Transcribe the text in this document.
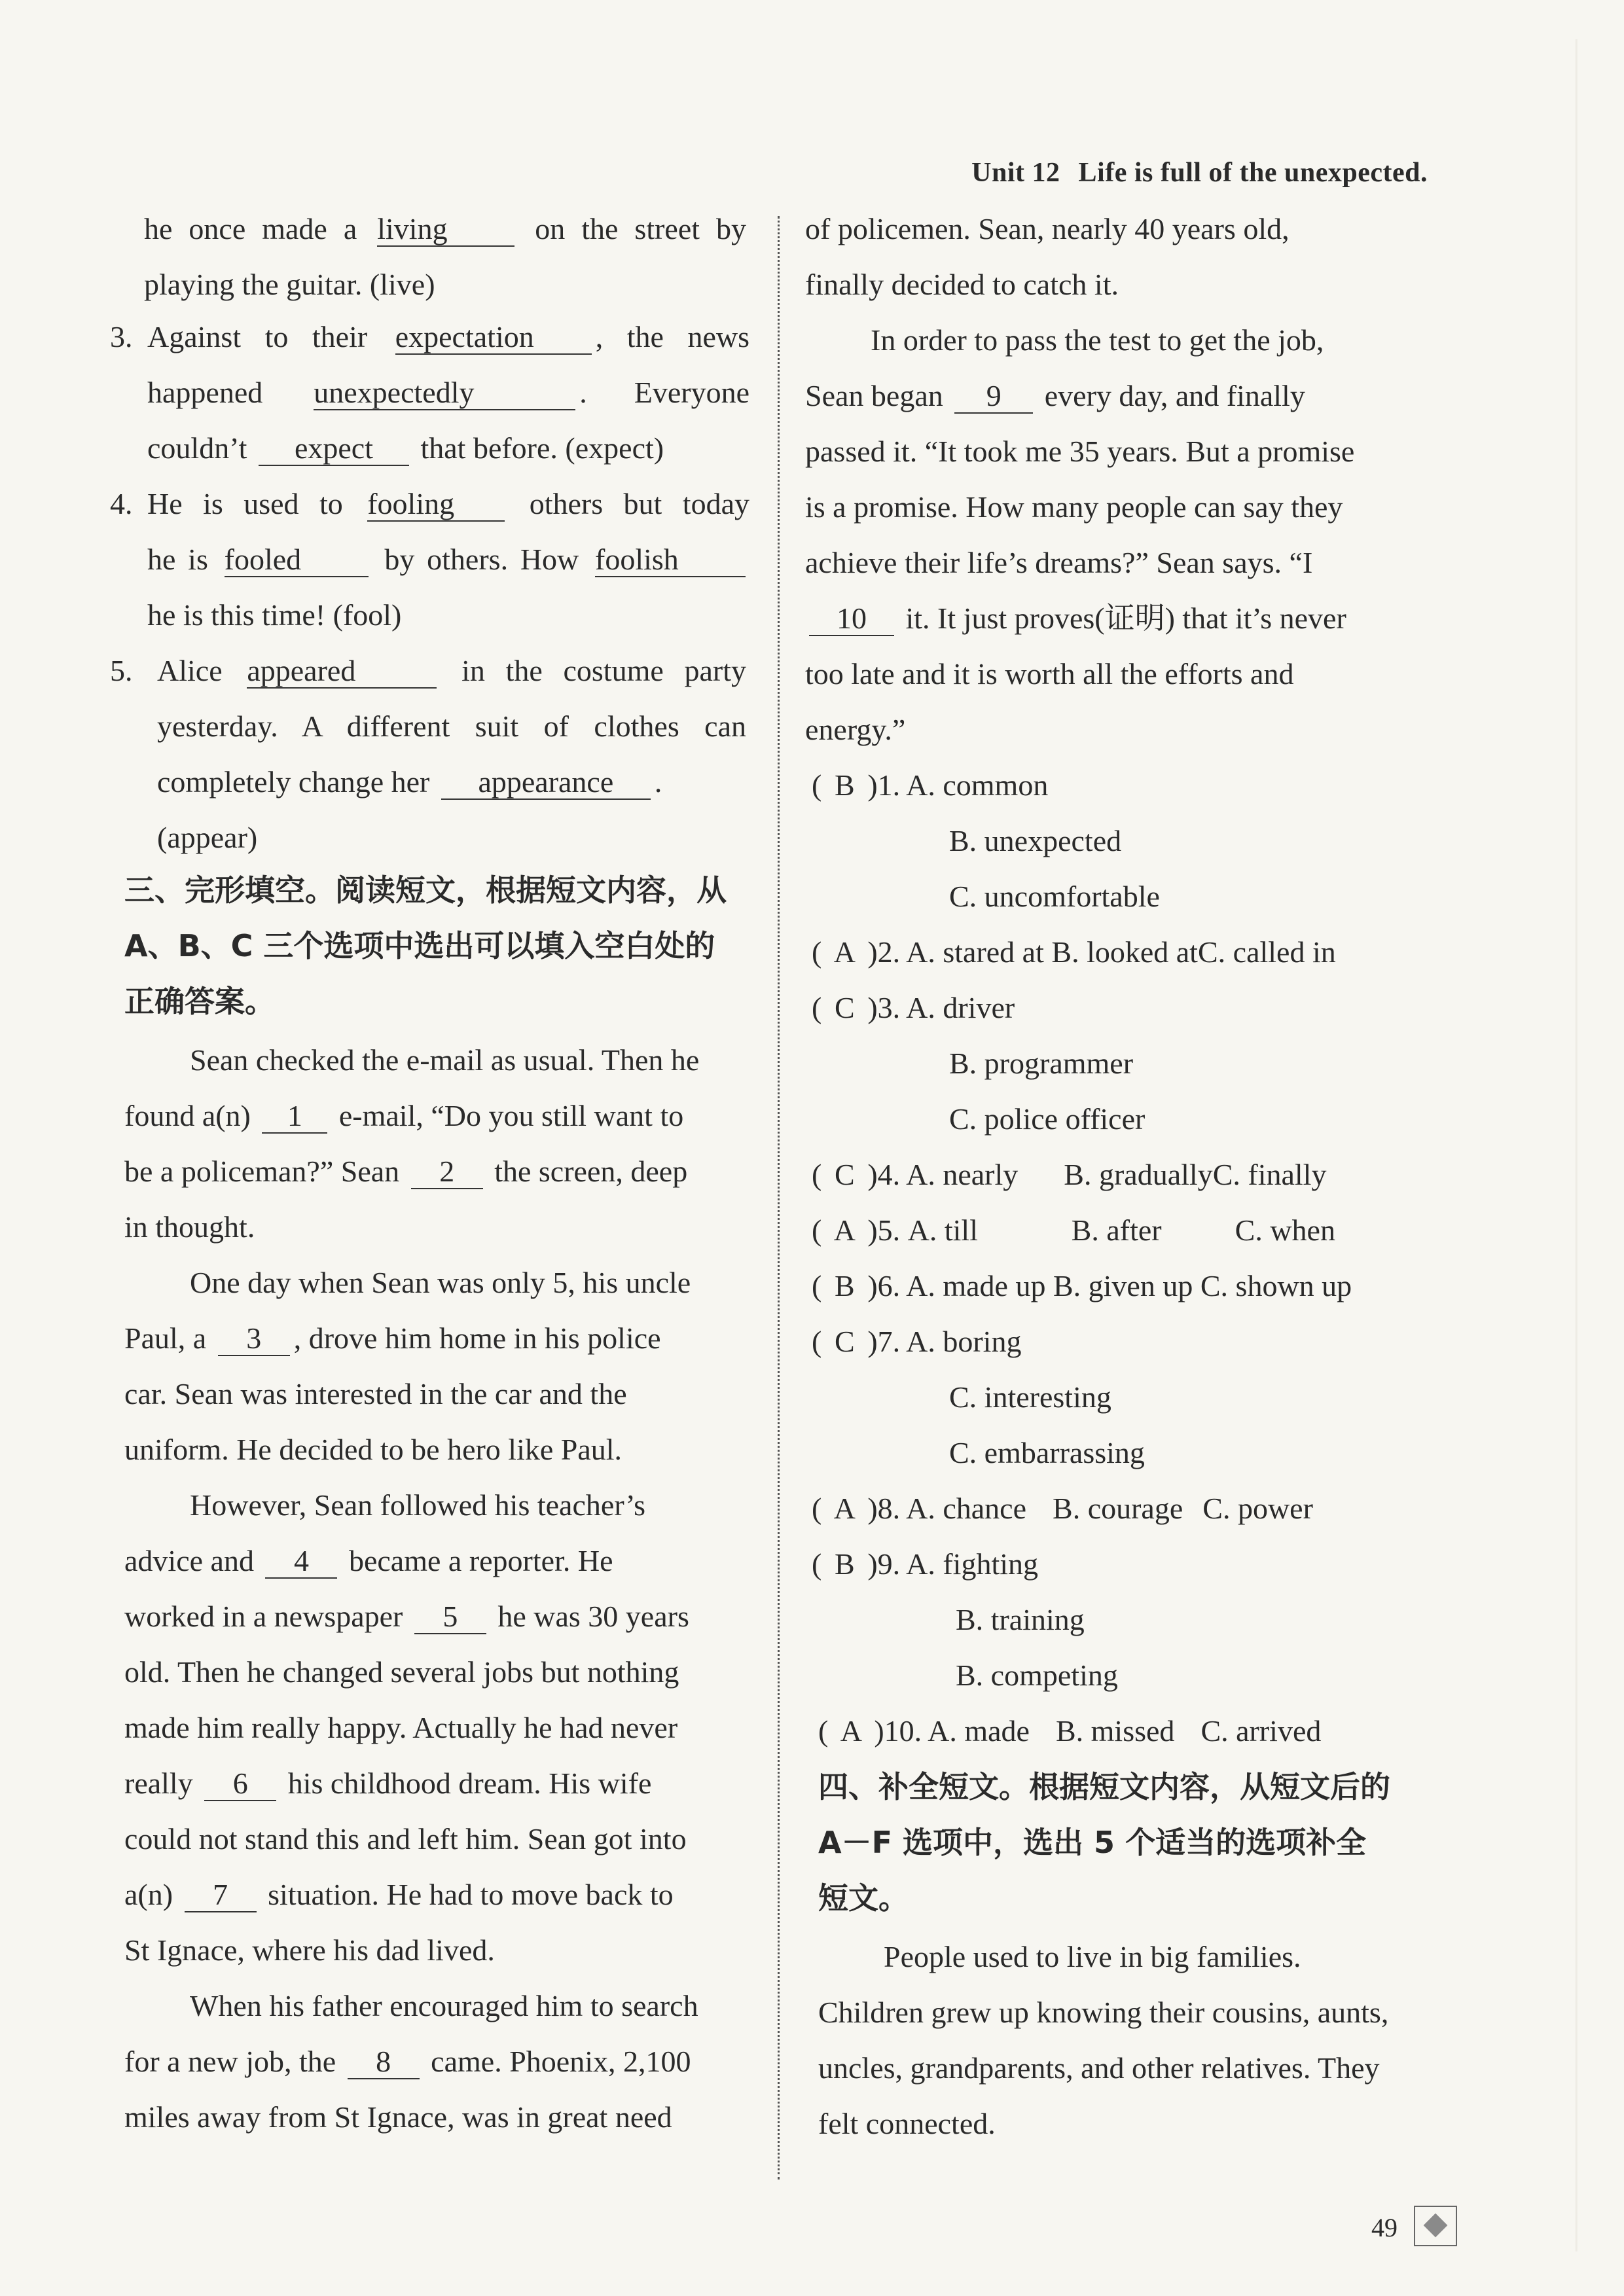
Unit 12 Life is full of the unexpected.
he once made a living	on the street by
playing the guitar. (live)
3. Against to their expectation , the news
happened unexpectedly	. Everyone
couldn’t expect that before. (expect)
4. He is used to fooling others but today
he is fooled	by others. How foolish
he is this time! (fool)
5. Alice appeared	in the costume party
yesterday. A different suit of clothes can
completely change her appearance .
(appear)
三、完形填空。阅读短文，根据短文内容，从
A、B、C 三个选项中选出可以填入空白处的
正确答案。
Sean checked the e-mail as usual. Then he
found a(n) 1 e-mail, “Do you still want to
be a policeman?” Sean 2 the screen, deep
in thought.
One day when Sean was only 5, his uncle
Paul, a 3 , drove him home in his police
car. Sean was interested in the car and the
uniform. He decided to be hero like Paul.
However, Sean followed his teacher’s
advice and 4 became a reporter. He
worked in a newspaper 5 he was 30 years
old. Then he changed several jobs but nothing
made him really happy. Actually he had never
really 6 his childhood dream. His wife
could not stand this and left him. Sean got into
a(n) 7 situation. He had to move back to
St Ignace, where his dad lived.
When his father encouraged him to search
for a new job, the 8 came. Phoenix, 2,100
miles away from St Ignace, was in great need
of policemen. Sean, nearly 40 years old,
finally decided to catch it.
In order to pass the test to get the job,
Sean began 9 every day, and finally
passed it. “It took me 35 years. But a promise
is a promise. How many people can say they
achieve their life’s dreams?” Sean says. “I
10 it. It just proves(证明) that it’s never
too late and it is worth all the efforts and
energy.”
( B )1. A. common
B. unexpected
C. uncomfortable
( A )2. A. stared at B. looked atC. called in
( C )3. A. driver
B. programmer
C. police officer
( C )4. A. nearly B. graduallyC. finally
( A )5. A. till	B. after C. when
( B )6. A. made up B. given up C. shown up
( C )7. A. boring
C. interesting
C. embarrassing
( A )8. A. chance B. courage C. power
( B )9. A. fighting
B. training
B. competing
( A )10. A. made B. missed C. arrived
四、补全短文。根据短文内容，从短文后的
A－F 选项中，选出 5 个适当的选项补全
短文。
People used to live in big families.
Children grew up knowing their cousins, aunts,
uncles, grandparents, and other relatives. They
felt connected.
49
